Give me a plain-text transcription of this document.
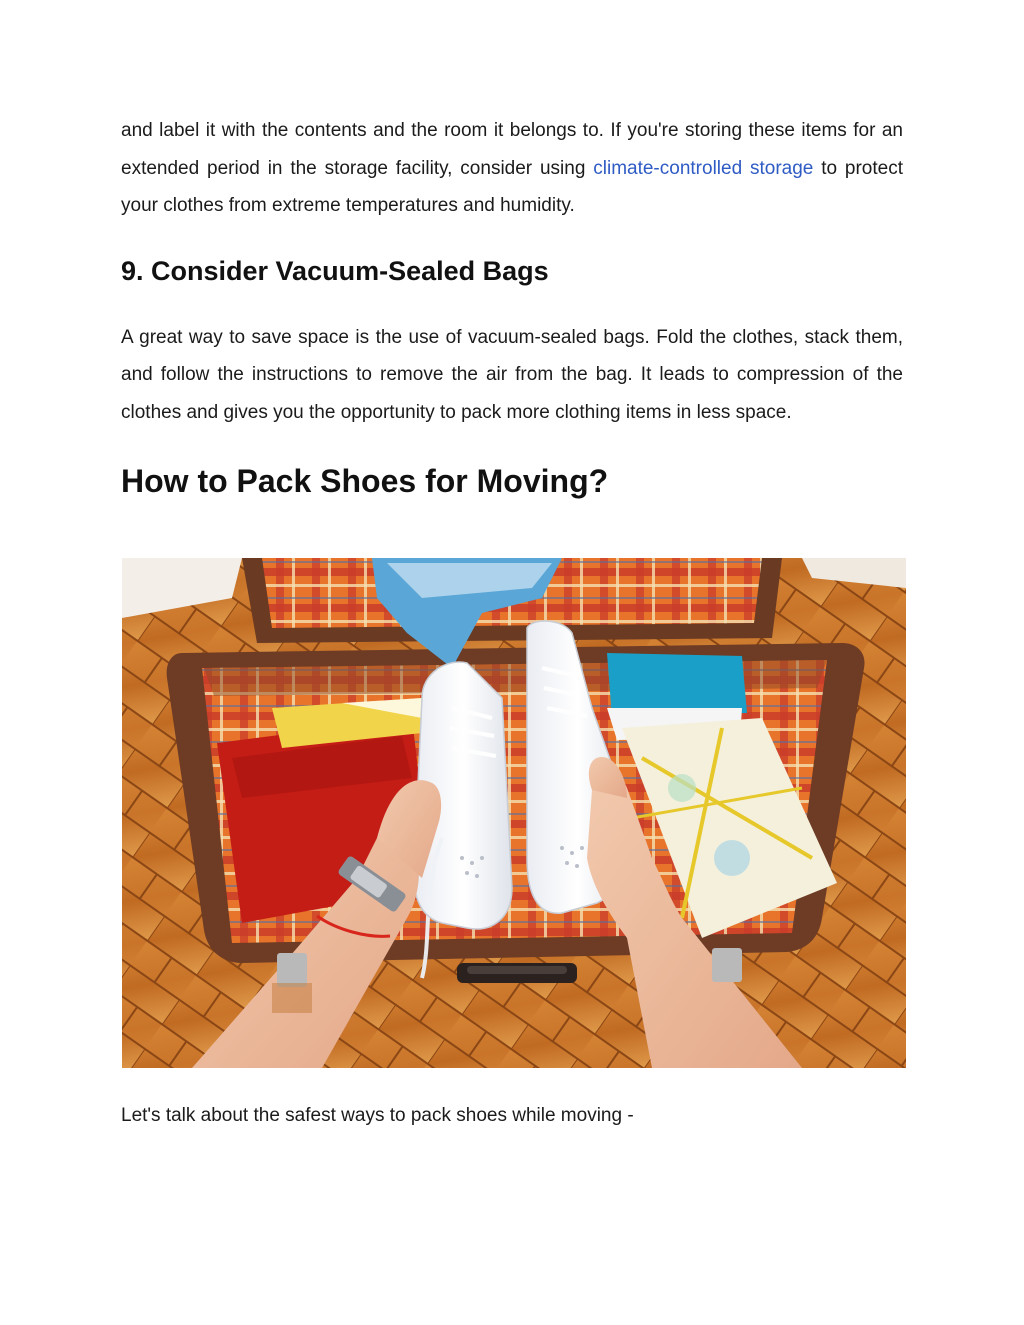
and label it with the contents and the room it belongs to. If you're storing these items for an extended period in the storage facility, consider using climate-controlled storage to protect your clothes from extreme temperatures and humidity.

9. Consider Vacuum-Sealed Bags

A great way to save space is the use of vacuum-sealed bags. Fold the clothes, stack them, and follow the instructions to remove the air from the bag. It leads to compression of the clothes and gives you the opportunity to pack more clothing items in less space.

How to Pack Shoes for Moving?

Let's talk about the safest ways to pack shoes while moving -
